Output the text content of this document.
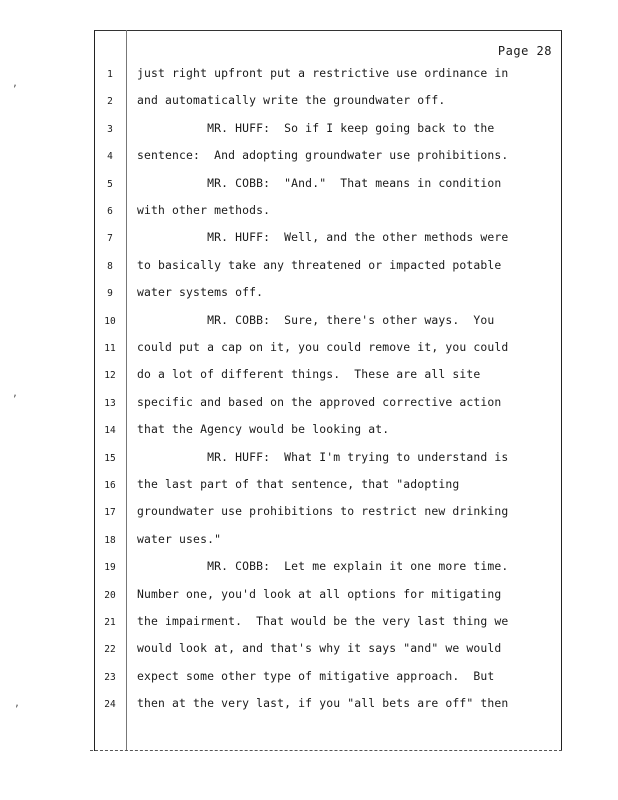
,
,
,
Page 28
1	just right upfront put a restrictive use ordinance in
2	and automatically write the groundwater off.
3	MR. HUFF:  So if I keep going back to the
4	sentence:  And adopting groundwater use prohibitions.
5	MR. COBB:  "And."  That means in condition
6	with other methods.
7	MR. HUFF:  Well, and the other methods were
8	to basically take any threatened or impacted potable
9	water systems off.
10	MR. COBB:  Sure, there's other ways.  You
11	could put a cap on it, you could remove it, you could
12	do a lot of different things.  These are all site
13	specific and based on the approved corrective action
14	that the Agency would be looking at.
15	MR. HUFF:  What I'm trying to understand is
16	the last part of that sentence, that "adopting
17	groundwater use prohibitions to restrict new drinking
18	water uses."
19	MR. COBB:  Let me explain it one more time.
20	Number one, you'd look at all options for mitigating
21	the impairment.  That would be the very last thing we
22	would look at, and that's why it says "and" we would
23	expect some other type of mitigative approach.  But
24	then at the very last, if you "all bets are off" then
